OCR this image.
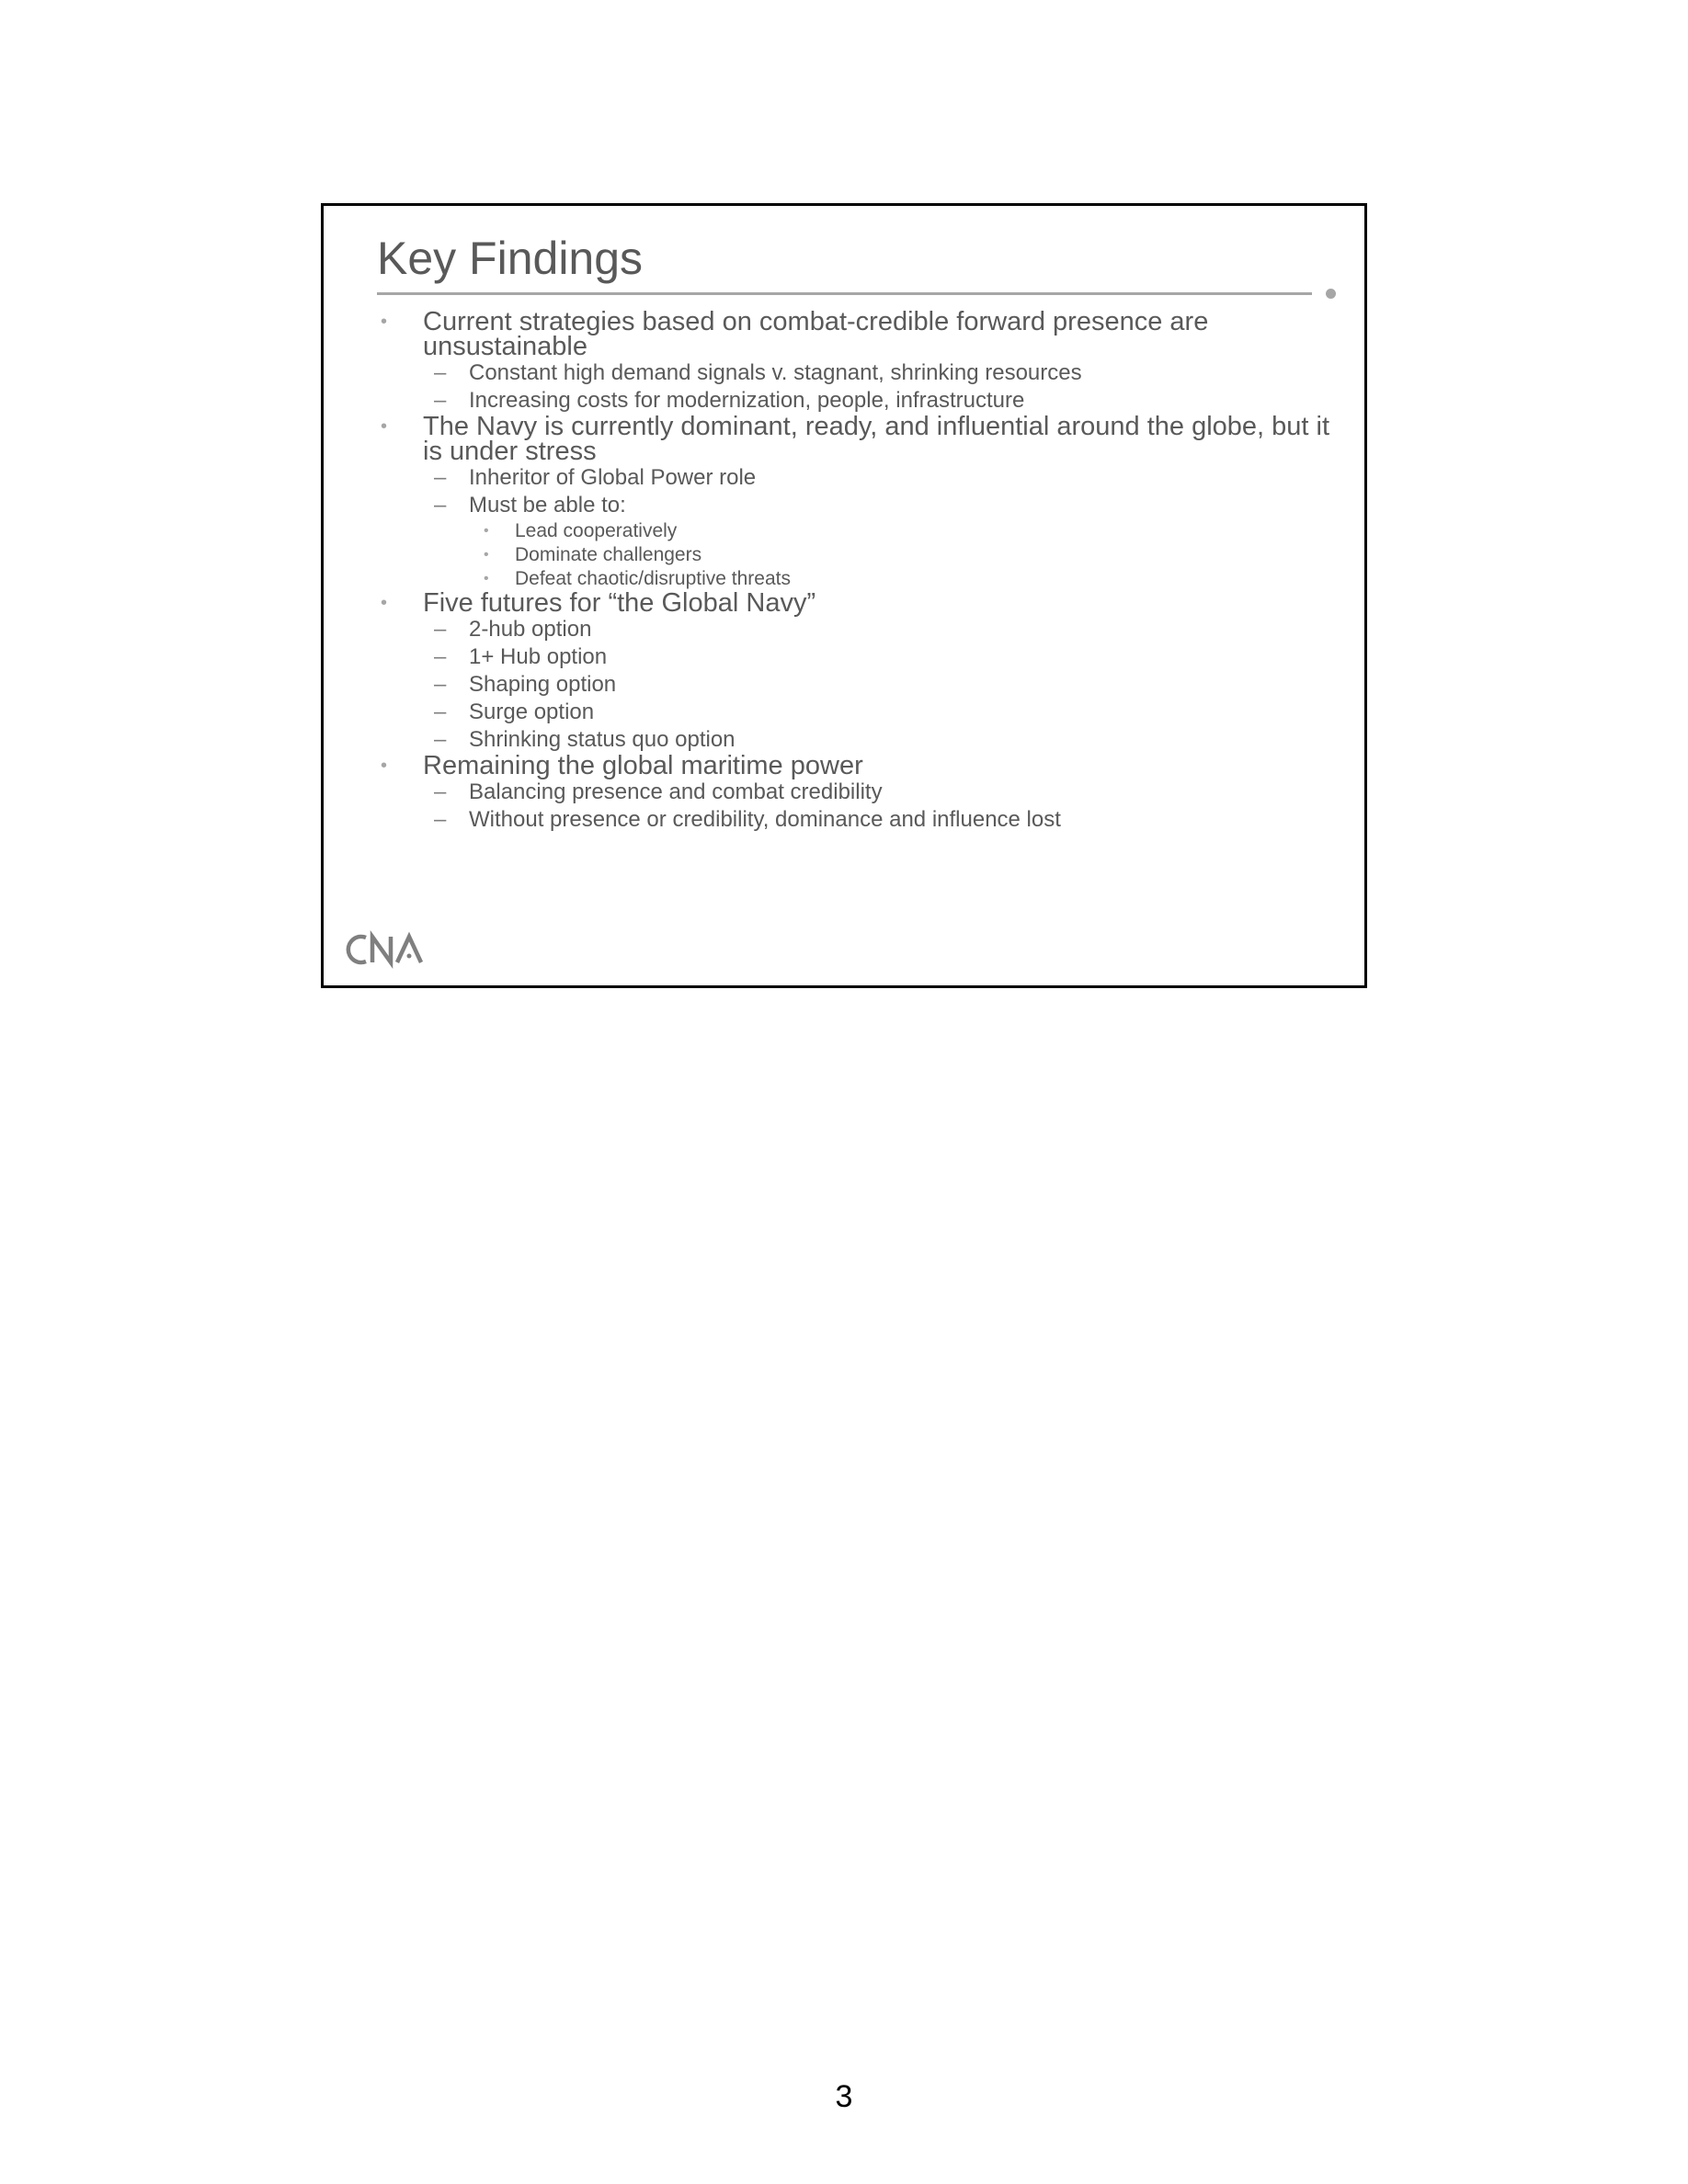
Key Findings
• Current strategies based on combat-credible forward presence are
unsustainable
– Constant high demand signals v. stagnant, shrinking resources
– Increasing costs for modernization, people, infrastructure
• The Navy is currently dominant, ready, and influential around the globe, but it
is under stress
– Inheritor of Global Power role
– Must be able to:
• Lead cooperatively
• Dominate challengers
• Defeat chaotic/disruptive threats
• Five futures for “the Global Navy”
– 2-hub option
– 1+ Hub option
– Shaping option
– Surge option
– Shrinking status quo option
• Remaining the global maritime power
– Balancing presence and combat credibility
– Without presence or credibility, dominance and influence lost
3
